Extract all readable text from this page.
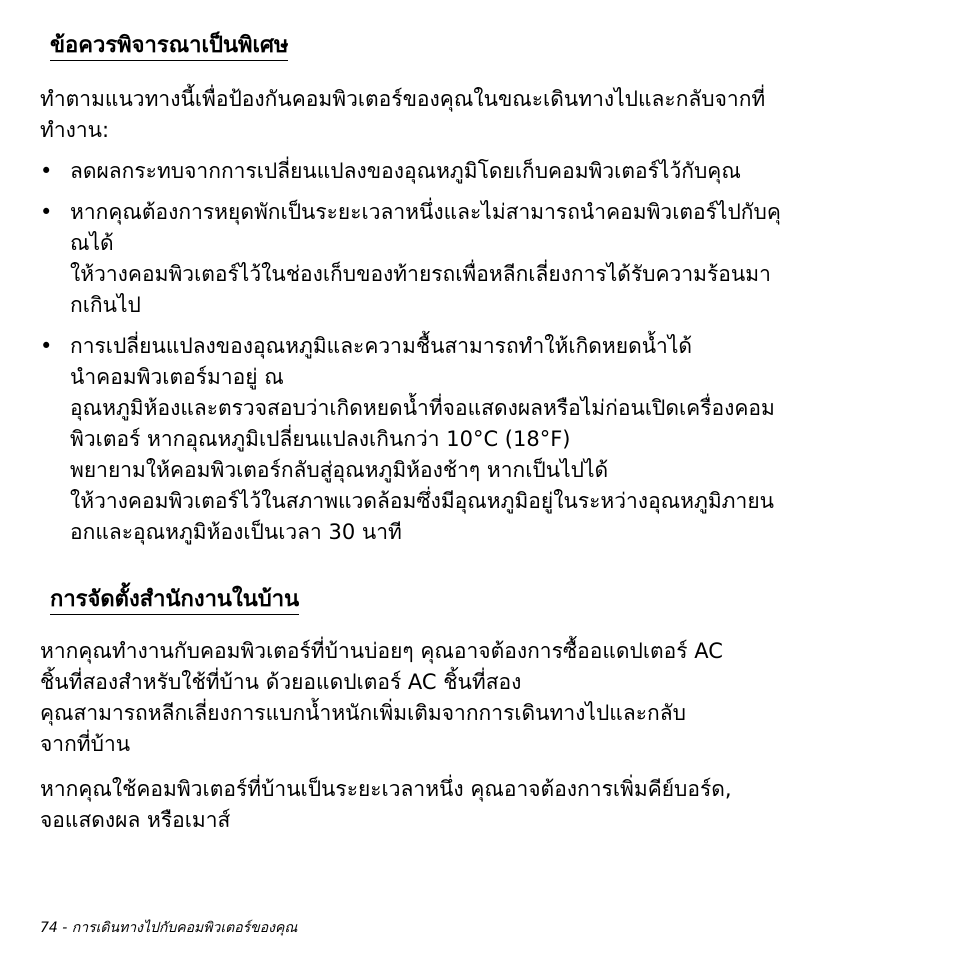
ข้อควรพิจารณาเป็นพิเศษ
ทำตามแนวทางนี้เพื่อป้องกันคอมพิวเตอร์ของคุณในขณะเดินทางไปและกลับจากที่
ทำงาน:
• ลดผลกระทบจากการเปลี่ยนแปลงของอุณหภูมิโดยเก็บคอมพิวเตอร์ไว้กับคุณ
• หากคุณต้องการหยุดพักเป็นระยะเวลาหนึ่งและไม่สามารถนำคอมพิวเตอร์ไปกับคุ
ณได้
ให้วางคอมพิวเตอร์ไว้ในช่องเก็บของท้ายรถเพื่อหลีกเลี่ยงการได้รับความร้อนมา
กเกินไป
• การเปลี่ยนแปลงของอุณหภูมิและความชื้นสามารถทำให้เกิดหยดน้ำได้
นำคอมพิวเตอร์มาอยู่ ณ
อุณหภูมิห้องและตรวจสอบว่าเกิดหยดน้ำที่จอแสดงผลหรือไม่ก่อนเปิดเครื่องคอม
พิวเตอร์ หากอุณหภูมิเปลี่ยนแปลงเกินกว่า 10°C (18°F)
พยายามให้คอมพิวเตอร์กลับสู่อุณหภูมิห้องช้าๆ หากเป็นไปได้
ให้วางคอมพิวเตอร์ไว้ในสภาพแวดล้อมซึ่งมีอุณหภูมิอยู่ในระหว่างอุณหภูมิภายน
อกและอุณหภูมิห้องเป็นเวลา 30 นาที
การจัดตั้งสำนักงานในบ้าน
หากคุณทำงานกับคอมพิวเตอร์ที่บ้านบ่อยๆ คุณอาจต้องการซื้ออแดปเตอร์ AC
ชิ้นที่สองสำหรับใช้ที่บ้าน ด้วยอแดปเตอร์ AC ชิ้นที่สอง
คุณสามารถหลีกเลี่ยงการแบกน้ำหนักเพิ่มเติมจากการเดินทางไปและกลับ
จากที่บ้าน
หากคุณใช้คอมพิวเตอร์ที่บ้านเป็นระยะเวลาหนึ่ง คุณอาจต้องการเพิ่มคีย์บอร์ด,
จอแสดงผล หรือเมาส์
74 - การเดินทางไปกับคอมพิวเตอร์ของคุณ
